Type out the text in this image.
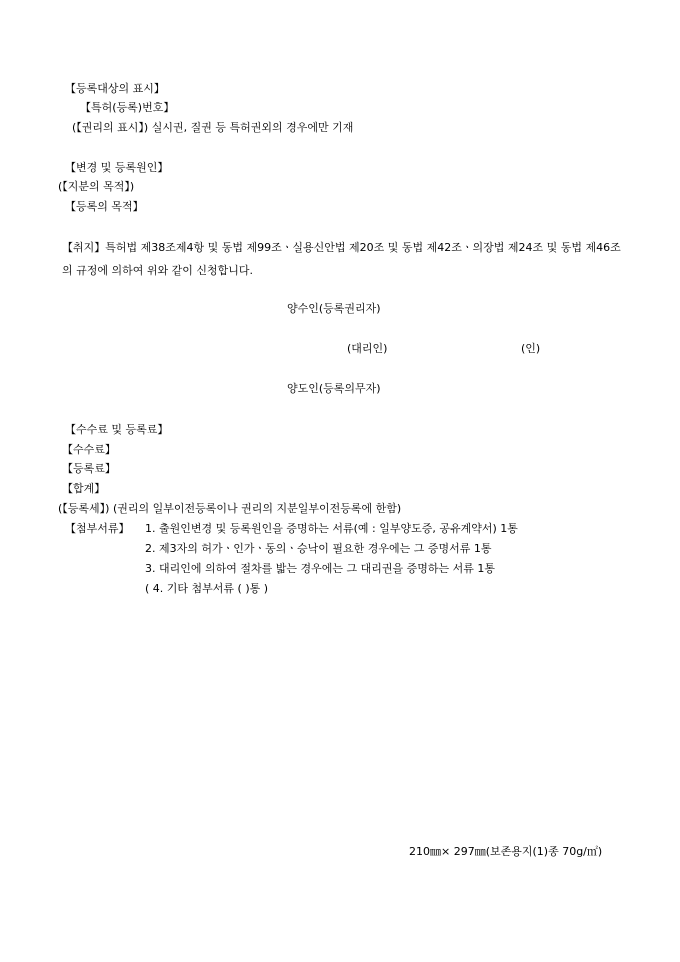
【등록대상의 표시】
【특허(등록)번호】
(【권리의 표시】) 실시권, 질권 등 특허권외의 경우에만 기재
【변경 및 등록원인】
(【지분의 목적】)
【등록의 목적】
【취지】특허법 제38조제4항 및 동법 제99조ㆍ실용신안법 제20조 및 동법 제42조ㆍ의장법 제24조 및 동법 제46조의 규정에 의하여 위와 같이 신청합니다.
양수인(등록권리자)
(대리인)	(인)
양도인(등록의무자)
【수수료 및 등록료】
【수수료】
【등록료】
【합계】
(【등록세】) (권리의 일부이전등록이나 권리의 지분일부이전등록에 한함)
【첨부서류】 1. 출원인변경 및 등록원인을 증명하는 서류(예 : 일부양도증, 공유계약서) 1통
2. 제3자의 허가ㆍ인가ㆍ동의ㆍ승낙이 필요한 경우에는 그 증명서류 1통
3. 대리인에 의하여 절차를 밟는 경우에는 그 대리권을 증명하는 서류 1통
( 4. 기타 첨부서류 ( )통 )
210㎜× 297㎜(보존용지(1)종 70g/㎡)
